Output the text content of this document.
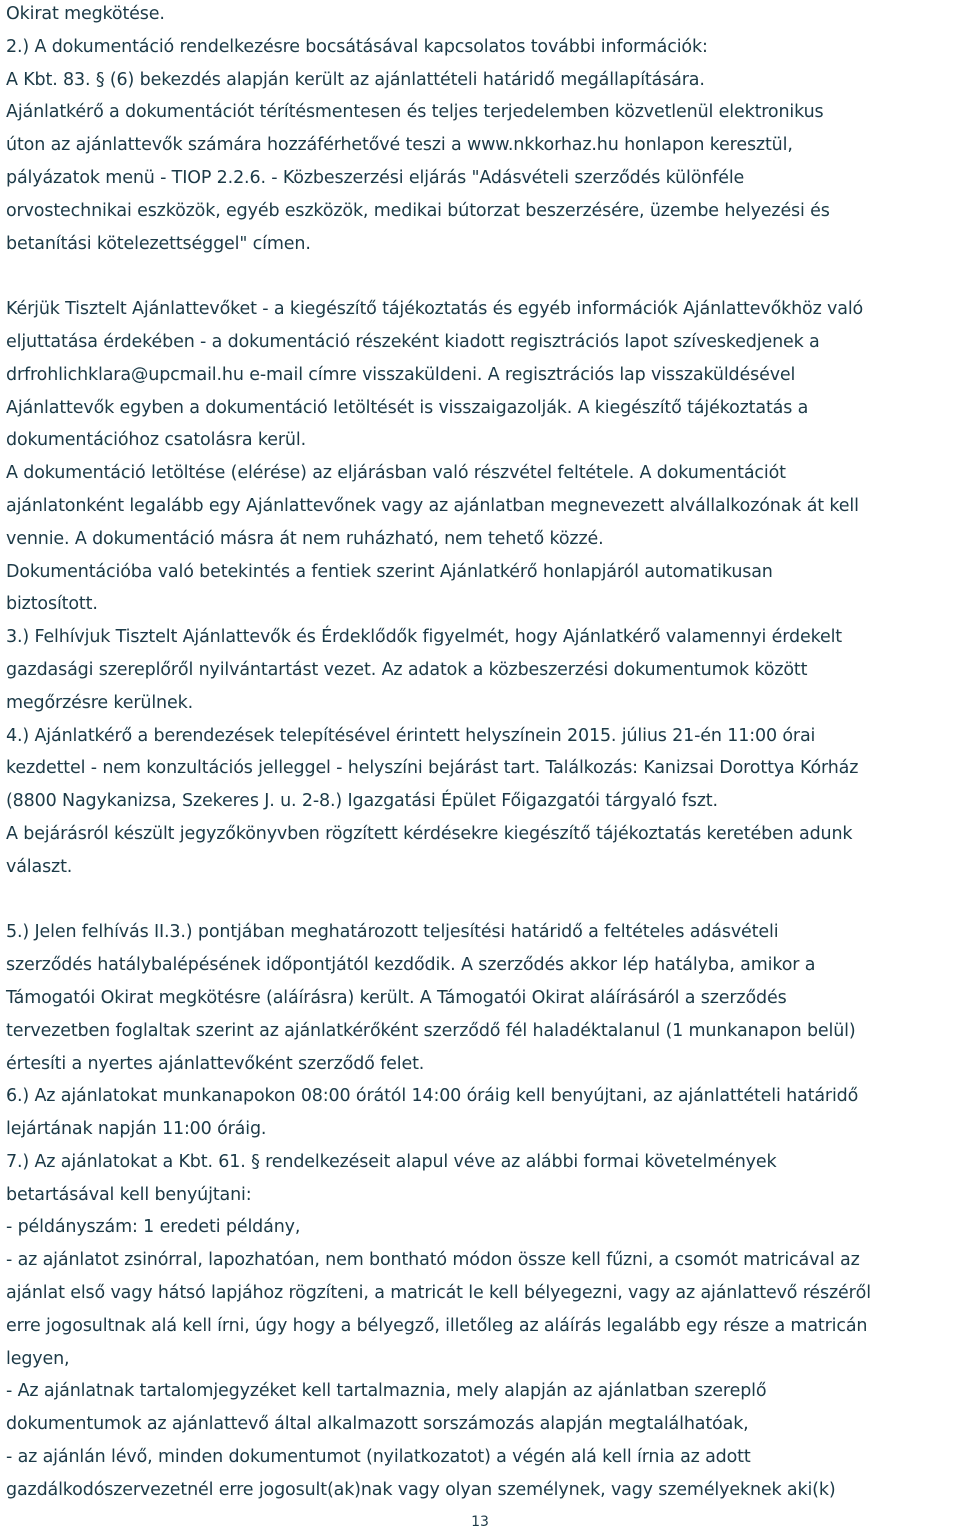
Okirat megkötése.
2.) A dokumentáció rendelkezésre bocsátásával kapcsolatos további információk:
A Kbt. 83. § (6) bekezdés alapján került az ajánlattételi határidő megállapítására.
Ajánlatkérő a dokumentációt térítésmentesen és teljes terjedelemben közvetlenül elektronikus
úton az ajánlattevők számára hozzáférhetővé teszi a www.nkkorhaz.hu honlapon keresztül,
pályázatok menü - TIOP 2.2.6. - Közbeszerzési eljárás "Adásvételi szerződés különféle
orvostechnikai eszközök, egyéb eszközök, medikai bútorzat beszerzésére, üzembe helyezési és
betanítási kötelezettséggel" címen.
Kérjük Tisztelt Ajánlattevőket - a kiegészítő tájékoztatás és egyéb információk Ajánlattevőkhöz való
eljuttatása érdekében - a dokumentáció részeként kiadott regisztrációs lapot szíveskedjenek a
drfrohlichklara@upcmail.hu e-mail címre visszaküldeni. A regisztrációs lap visszaküldésével
Ajánlattevők egyben a dokumentáció letöltését is visszaigazolják. A kiegészítő tájékoztatás a
dokumentációhoz csatolásra kerül.
A dokumentáció letöltése (elérése) az eljárásban való részvétel feltétele. A dokumentációt
ajánlatonként legalább egy Ajánlattevőnek vagy az ajánlatban megnevezett alvállalkozónak át kell
vennie. A dokumentáció másra át nem ruházható, nem tehető közzé.
Dokumentációba való betekintés a fentiek szerint Ajánlatkérő honlapjáról automatikusan
biztosított.
3.) Felhívjuk Tisztelt Ajánlattevők és Érdeklődők figyelmét, hogy Ajánlatkérő valamennyi érdekelt
gazdasági szereplőről nyilvántartást vezet. Az adatok a közbeszerzési dokumentumok között
megőrzésre kerülnek.
4.) Ajánlatkérő a berendezések telepítésével érintett helyszínein 2015. július 21-én 11:00 órai
kezdettel - nem konzultációs jelleggel - helyszíni bejárást tart. Találkozás: Kanizsai Dorottya Kórház
(8800 Nagykanizsa, Szekeres J. u. 2-8.) Igazgatási Épület Főigazgatói tárgyaló fszt.
A bejárásról készült jegyzőkönyvben rögzített kérdésekre kiegészítő tájékoztatás keretében adunk
választ.
5.) Jelen felhívás II.3.) pontjában meghatározott teljesítési határidő a feltételes adásvételi
szerződés hatálybalépésének időpontjától kezdődik. A szerződés akkor lép hatályba, amikor a
Támogatói Okirat megkötésre (aláírásra) került. A Támogatói Okirat aláírásáról a szerződés
tervezetben foglaltak szerint az ajánlatkérőként szerződő fél haladéktalanul (1 munkanapon belül)
értesíti a nyertes ajánlattevőként szerződő felet.
6.) Az ajánlatokat munkanapokon 08:00 órától 14:00 óráig kell benyújtani, az ajánlattételi határidő
lejártának napján 11:00 óráig.
7.) Az ajánlatokat a Kbt. 61. § rendelkezéseit alapul véve az alábbi formai követelmények
betartásával kell benyújtani:
- példányszám: 1 eredeti példány,
- az ajánlatot zsinórral, lapozhatóan, nem bontható módon össze kell fűzni, a csomót matricával az
ajánlat első vagy hátsó lapjához rögzíteni, a matricát le kell bélyegezni, vagy az ajánlattevő részéről
erre jogosultnak alá kell írni, úgy hogy a bélyegző, illetőleg az aláírás legalább egy része a matricán
legyen,
- Az ajánlatnak tartalomjegyzéket kell tartalmaznia, mely alapján az ajánlatban szereplő
dokumentumok az ajánlattevő által alkalmazott sorszámozás alapján megtalálhatóak,
- az ajánlán lévő, minden dokumentumot (nyilatkozatot) a végén alá kell írnia az adott
gazdálkodószervezetnél erre jogosult(ak)nak vagy olyan személynek, vagy személyeknek aki(k)
13
